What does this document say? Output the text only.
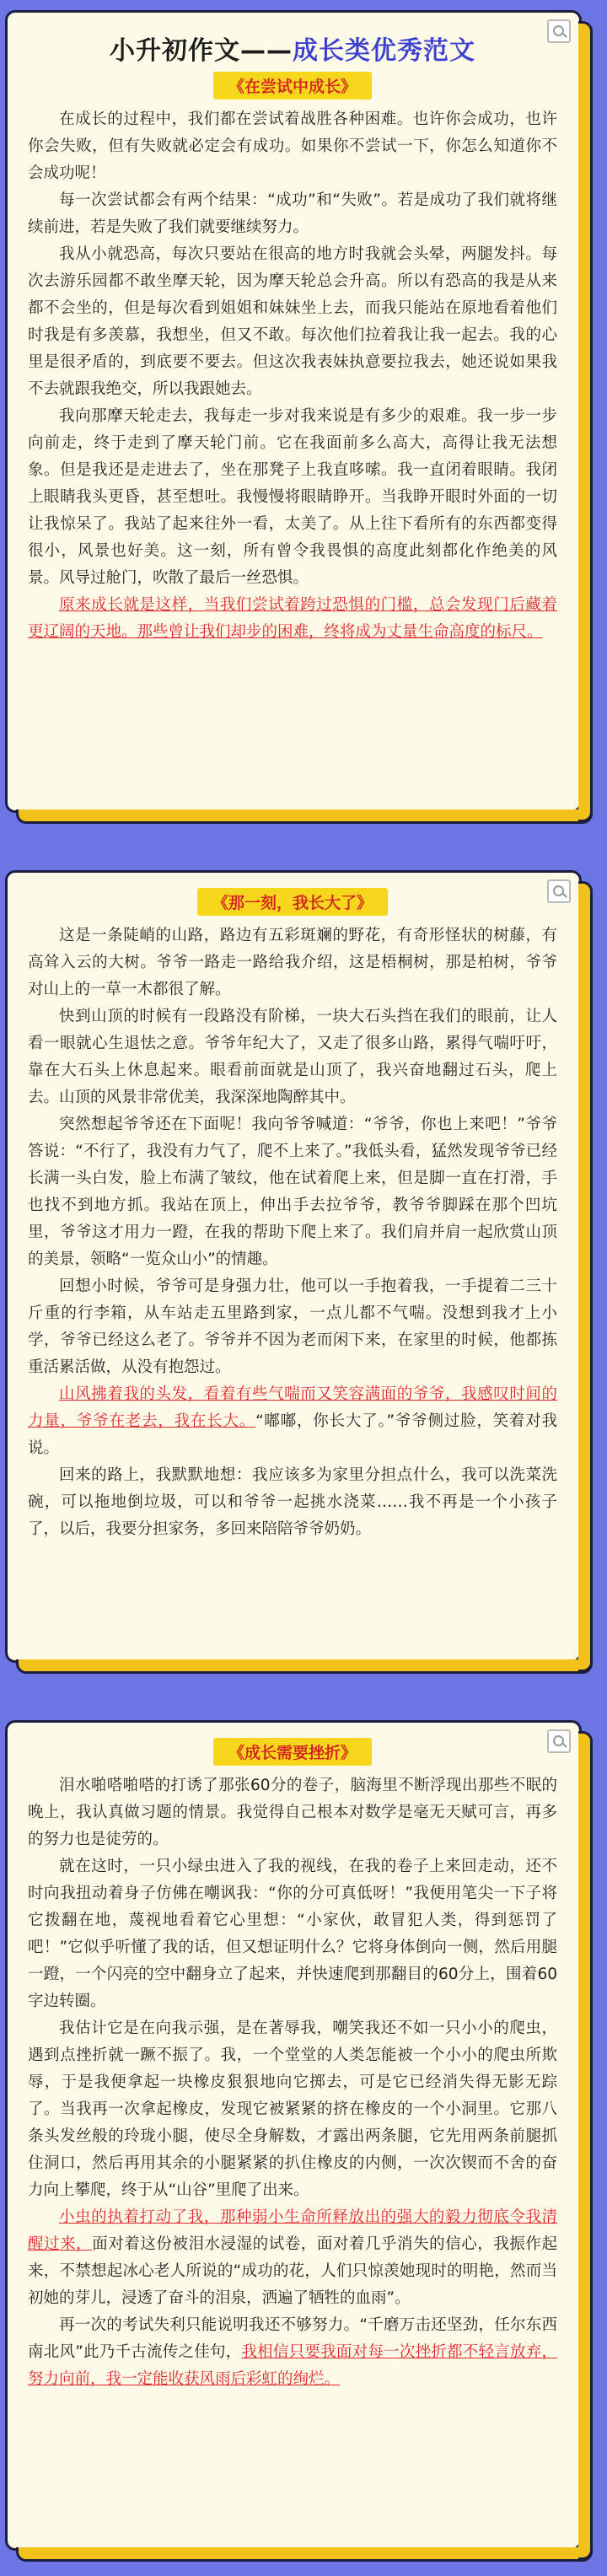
小升初作文——成长类优秀范文
《在尝试中成长》

在成长的过程中，我们都在尝试着战胜各种困难。也许你会成功，也许你会失败，但有失败就必定会有成功。如果你不尝试一下，你怎么知道你不会成功呢！

每一次尝试都会有两个结果：“成功”和“失败”。若是成功了我们就将继续前进，若是失败了我们就要继续努力。

我从小就恐高，每次只要站在很高的地方时我就会头晕，两腿发抖。每次去游乐园都不敢坐摩天轮，因为摩天轮总会升高。所以有恐高的我是从来都不会坐的，但是每次看到姐姐和妹妹坐上去，而我只能站在原地看着他们时我是有多羡慕，我想坐，但又不敢。每次他们拉着我让我一起去。我的心里是很矛盾的，到底要不要去。但这次我表妹执意要拉我去，她还说如果我不去就跟我绝交，所以我跟她去。

我向那摩天轮走去，我每走一步对我来说是有多少的艰难。我一步一步向前走，终于走到了摩天轮门前。它在我面前多么高大，高得让我无法想象。但是我还是走进去了，坐在那凳子上我直哆嗦。我一直闭着眼睛。我闭上眼睛我头更昏，甚至想吐。我慢慢将眼睛睁开。当我睁开眼时外面的一切让我惊呆了。我站了起来往外一看，太美了。从上往下看所有的东西都变得很小，风景也好美。这一刻，所有曾令我畏惧的高度此刻都化作绝美的风景。风导过舱门，吹散了最后一丝恐惧。

原来成长就是这样，当我们尝试着跨过恐惧的门槛，总会发现门后藏着更辽阔的天地。那些曾让我们却步的困难，终将成为丈量生命高度的标尺。

《那一刻，我长大了》

这是一条陡峭的山路，路边有五彩斑斓的野花，有奇形怪状的树藤，有高耸入云的大树。爷爷一路走一路给我介绍，这是梧桐树，那是柏树，爷爷对山上的一草一木都很了解。

快到山顶的时候有一段路没有阶梯，一块大石头挡在我们的眼前，让人看一眼就心生退怯之意。爷爷年纪大了，又走了很多山路，累得气喘吁吁，靠在大石头上休息起来。眼看前面就是山顶了，我兴奋地翻过石头，爬上去。山顶的风景非常优美，我深深地陶醉其中。

突然想起爷爷还在下面呢！我向爷爷喊道：“爷爷，你也上来吧！”爷爷答说：“不行了，我没有力气了，爬不上来了。”我低头看，猛然发现爷爷已经长满一头白发，脸上布满了皱纹，他在试着爬上来，但是脚一直在打滑，手也找不到地方抓。我站在顶上，伸出手去拉爷爷，教爷爷脚踩在那个凹坑里，爷爷这才用力一蹬，在我的帮助下爬上来了。我们肩并肩一起欣赏山顶的美景，领略“一览众山小”的情趣。

回想小时候，爷爷可是身强力壮，他可以一手抱着我，一手提着二三十斤重的行李箱，从车站走五里路到家，一点儿都不气喘。没想到我才上小学，爷爷已经这么老了。爷爷并不因为老而闲下来，在家里的时候，他都拣重活累活做，从没有抱怨过。

山风拂着我的头发，看着有些气喘而又笑容满面的爷爷，我感叹时间的力量，爷爷在老去，我在长大。“嘟嘟，你长大了。”爷爷侧过脸，笑着对我说。

回来的路上，我默默地想：我应该多为家里分担点什么，我可以洗菜洗碗，可以拖地倒垃圾，可以和爷爷一起挑水浇菜……我不再是一个小孩子了，以后，我要分担家务，多回来陪陪爷爷奶奶。

《成长需要挫折》

泪水啪嗒啪嗒的打诱了那张60分的卷子，脑海里不断浮现出那些不眠的晚上，我认真做习题的情景。我觉得自己根本对数学是毫无天赋可言，再多的努力也是徒劳的。

就在这时，一只小绿虫进入了我的视线，在我的卷子上来回走动，还不时向我扭动着身子仿佛在嘲讽我：“你的分可真低呀！”我便用笔尖一下子将它拨翻在地，蔑视地看着它心里想：“小家伙，敢冒犯人类，得到惩罚了吧！”它似乎听懂了我的话，但又想证明什么？它将身体倒向一侧，然后用腿一蹬，一个闪亮的空中翻身立了起来，并快速爬到那翻目的60分上，围着60字边转圈。

我估计它是在向我示强，是在著辱我，嘲笑我还不如一只小小的爬虫，遇到点挫折就一蹶不振了。我，一个堂堂的人类怎能被一个小小的爬虫所欺辱，于是我便拿起一块橡皮狠狠地向它掷去，可是它已经消失得无影无踪了。当我再一次拿起橡皮，发现它被紧紧的挤在橡皮的一个小洞里。它那八条头发丝般的玲珑小腿，使尽全身解数，才露出两条腿，它先用两条前腿抓住洞口，然后再用其余的小腿紧紧的扒住橡皮的内侧，一次次锲而不舍的奋力向上攀爬，终于从“山谷”里爬了出来。

小虫的执着打动了我，那种弱小生命所释放出的强大的毅力彻底令我清醒过来，面对着这份被泪水浸湿的试卷，面对着几乎消失的信心，我振作起来，不禁想起冰心老人所说的“成功的花，人们只惊羡她现时的明艳，然而当初她的芽儿，浸透了奋斗的泪泉，洒遍了牺牲的血雨”。

再一次的考试失利只能说明我还不够努力。“千磨万击还坚劲，任尔东西南北风”此乃千古流传之佳句，我相信只要我面对每一次挫折都不轻言放弃，努力向前，我一定能收获风雨后彩虹的绚烂。
